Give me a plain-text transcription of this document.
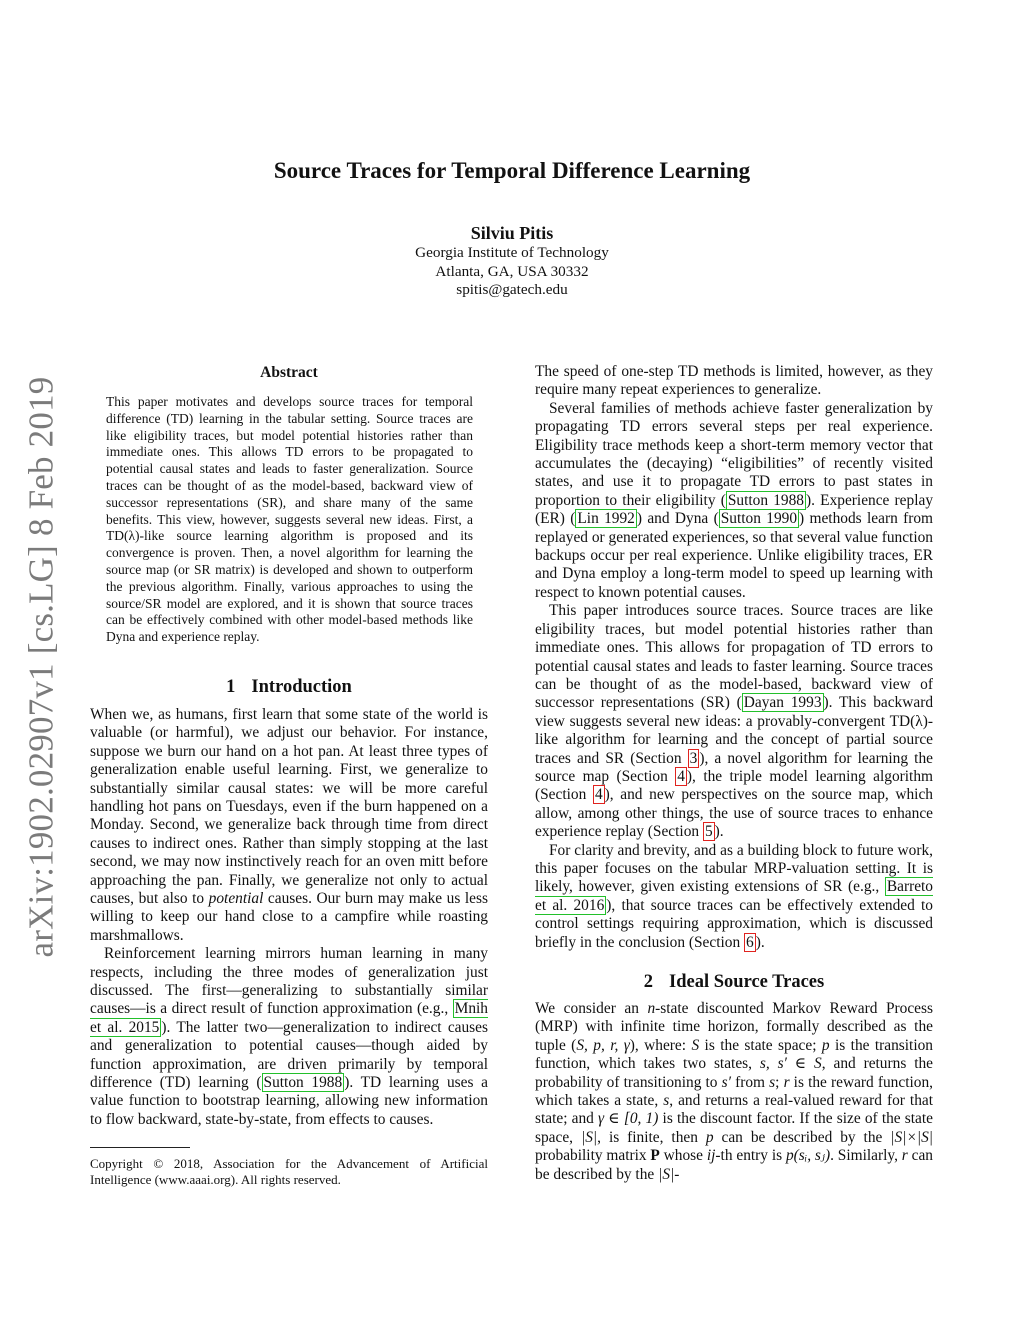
arXiv:1902.02907v1 [cs.LG] 8 Feb 2019
Source Traces for Temporal Difference Learning
Silviu Pitis
Georgia Institute of Technology
Atlanta, GA, USA 30332
spitis@gatech.edu
Abstract

This paper motivates and develops source traces for temporal difference (TD) learning in the tabular setting. Source traces are like eligibility traces, but model potential histories rather than immediate ones. This allows TD errors to be propagated to potential causal states and leads to faster generalization. Source traces can be thought of as the model-based, backward view of successor representations (SR), and share many of the same benefits. This view, however, suggests several new ideas. First, a TD(λ)-like source learning algorithm is proposed and its convergence is proven. Then, a novel algorithm for learning the source map (or SR matrix) is developed and shown to outperform the previous algorithm. Finally, various approaches to using the source/SR model are explored, and it is shown that source traces can be effectively combined with other model-based methods like Dyna and experience replay.

1 Introduction

When we, as humans, first learn that some state of the world is valuable (or harmful), we adjust our behavior. For instance, suppose we burn our hand on a hot pan. At least three types of generalization enable useful learning. First, we generalize to substantially similar causal states: we will be more careful handling hot pans on Tuesdays, even if the burn happened on a Monday. Second, we generalize back through time from direct causes to indirect ones. Rather than simply stopping at the last second, we may now instinctively reach for an oven mitt before approaching the pan. Finally, we generalize not only to actual causes, but also to potential causes. Our burn may make us less willing to keep our hand close to a campfire while roasting marshmallows.

Reinforcement learning mirrors human learning in many respects, including the three modes of generalization just discussed. The first—generalizing to substantially similar causes—is a direct result of function approximation (e.g., Mnih et al. 2015 ). The latter two—generalization to indirect causes and generalization to potential causes—though aided by function approximation, are driven primarily by temporal difference (TD) learning ( Sutton 1988 ). TD learning uses a value function to bootstrap learning, allowing new information to flow backward, state-by-state, from effects to causes.

Copyright © 2018, Association for the Advancement of Artificial Intelligence (www.aaai.org). All rights reserved.

The speed of one-step TD methods is limited, however, as they require many repeat experiences to generalize.

Several families of methods achieve faster generalization by propagating TD errors several steps per real experience. Eligibility trace methods keep a short-term memory vector that accumulates the (decaying) “eligibilities” of recently visited states, and use it to propagate TD errors to past states in proportion to their eligibility ( Sutton 1988 ). Experience replay (ER) ( Lin 1992 ) and Dyna ( Sutton 1990 ) methods learn from replayed or generated experiences, so that several value function backups occur per real experience. Unlike eligibility traces, ER and Dyna employ a long-term model to speed up learning with respect to known potential causes.

This paper introduces source traces. Source traces are like eligibility traces, but model potential histories rather than immediate ones. This allows for propagation of TD errors to potential causal states and leads to faster learning. Source traces can be thought of as the model-based, backward view of successor representations (SR) ( Dayan 1993 ). This backward view suggests several new ideas: a provably-convergent TD(λ)-like algorithm for learning and the concept of partial source traces and SR (Section 3 ), a novel algorithm for learning the source map (Section 4 ), the triple model learning algorithm (Section 4 ), and new perspectives on the source map, which allow, among other things, the use of source traces to enhance experience replay (Section 5 ).

For clarity and brevity, and as a building block to future work, this paper focuses on the tabular MRP-valuation setting. It is likely, however, given existing extensions of SR (e.g., Barreto et al. 2016 ), that source traces can be effectively extended to control settings requiring approximation, which is discussed briefly in the conclusion (Section 6 ).

2 Ideal Source Traces

We consider an n-state discounted Markov Reward Process (MRP) with infinite time horizon, formally described as the tuple (S, p, r, γ), where: S is the state space; p is the transition function, which takes two states, s, s′ ∈ S, and returns the probability of transitioning to s′ from s; r is the reward function, which takes a state, s, and returns a real-valued reward for that state; and γ ∈ [0, 1) is the discount factor. If the size of the state space, |S|, is finite, then p can be described by the |S|×|S| probability matrix P whose ij-th entry is p(sᵢ, sⱼ). Similarly, r can be described by the |S|-
